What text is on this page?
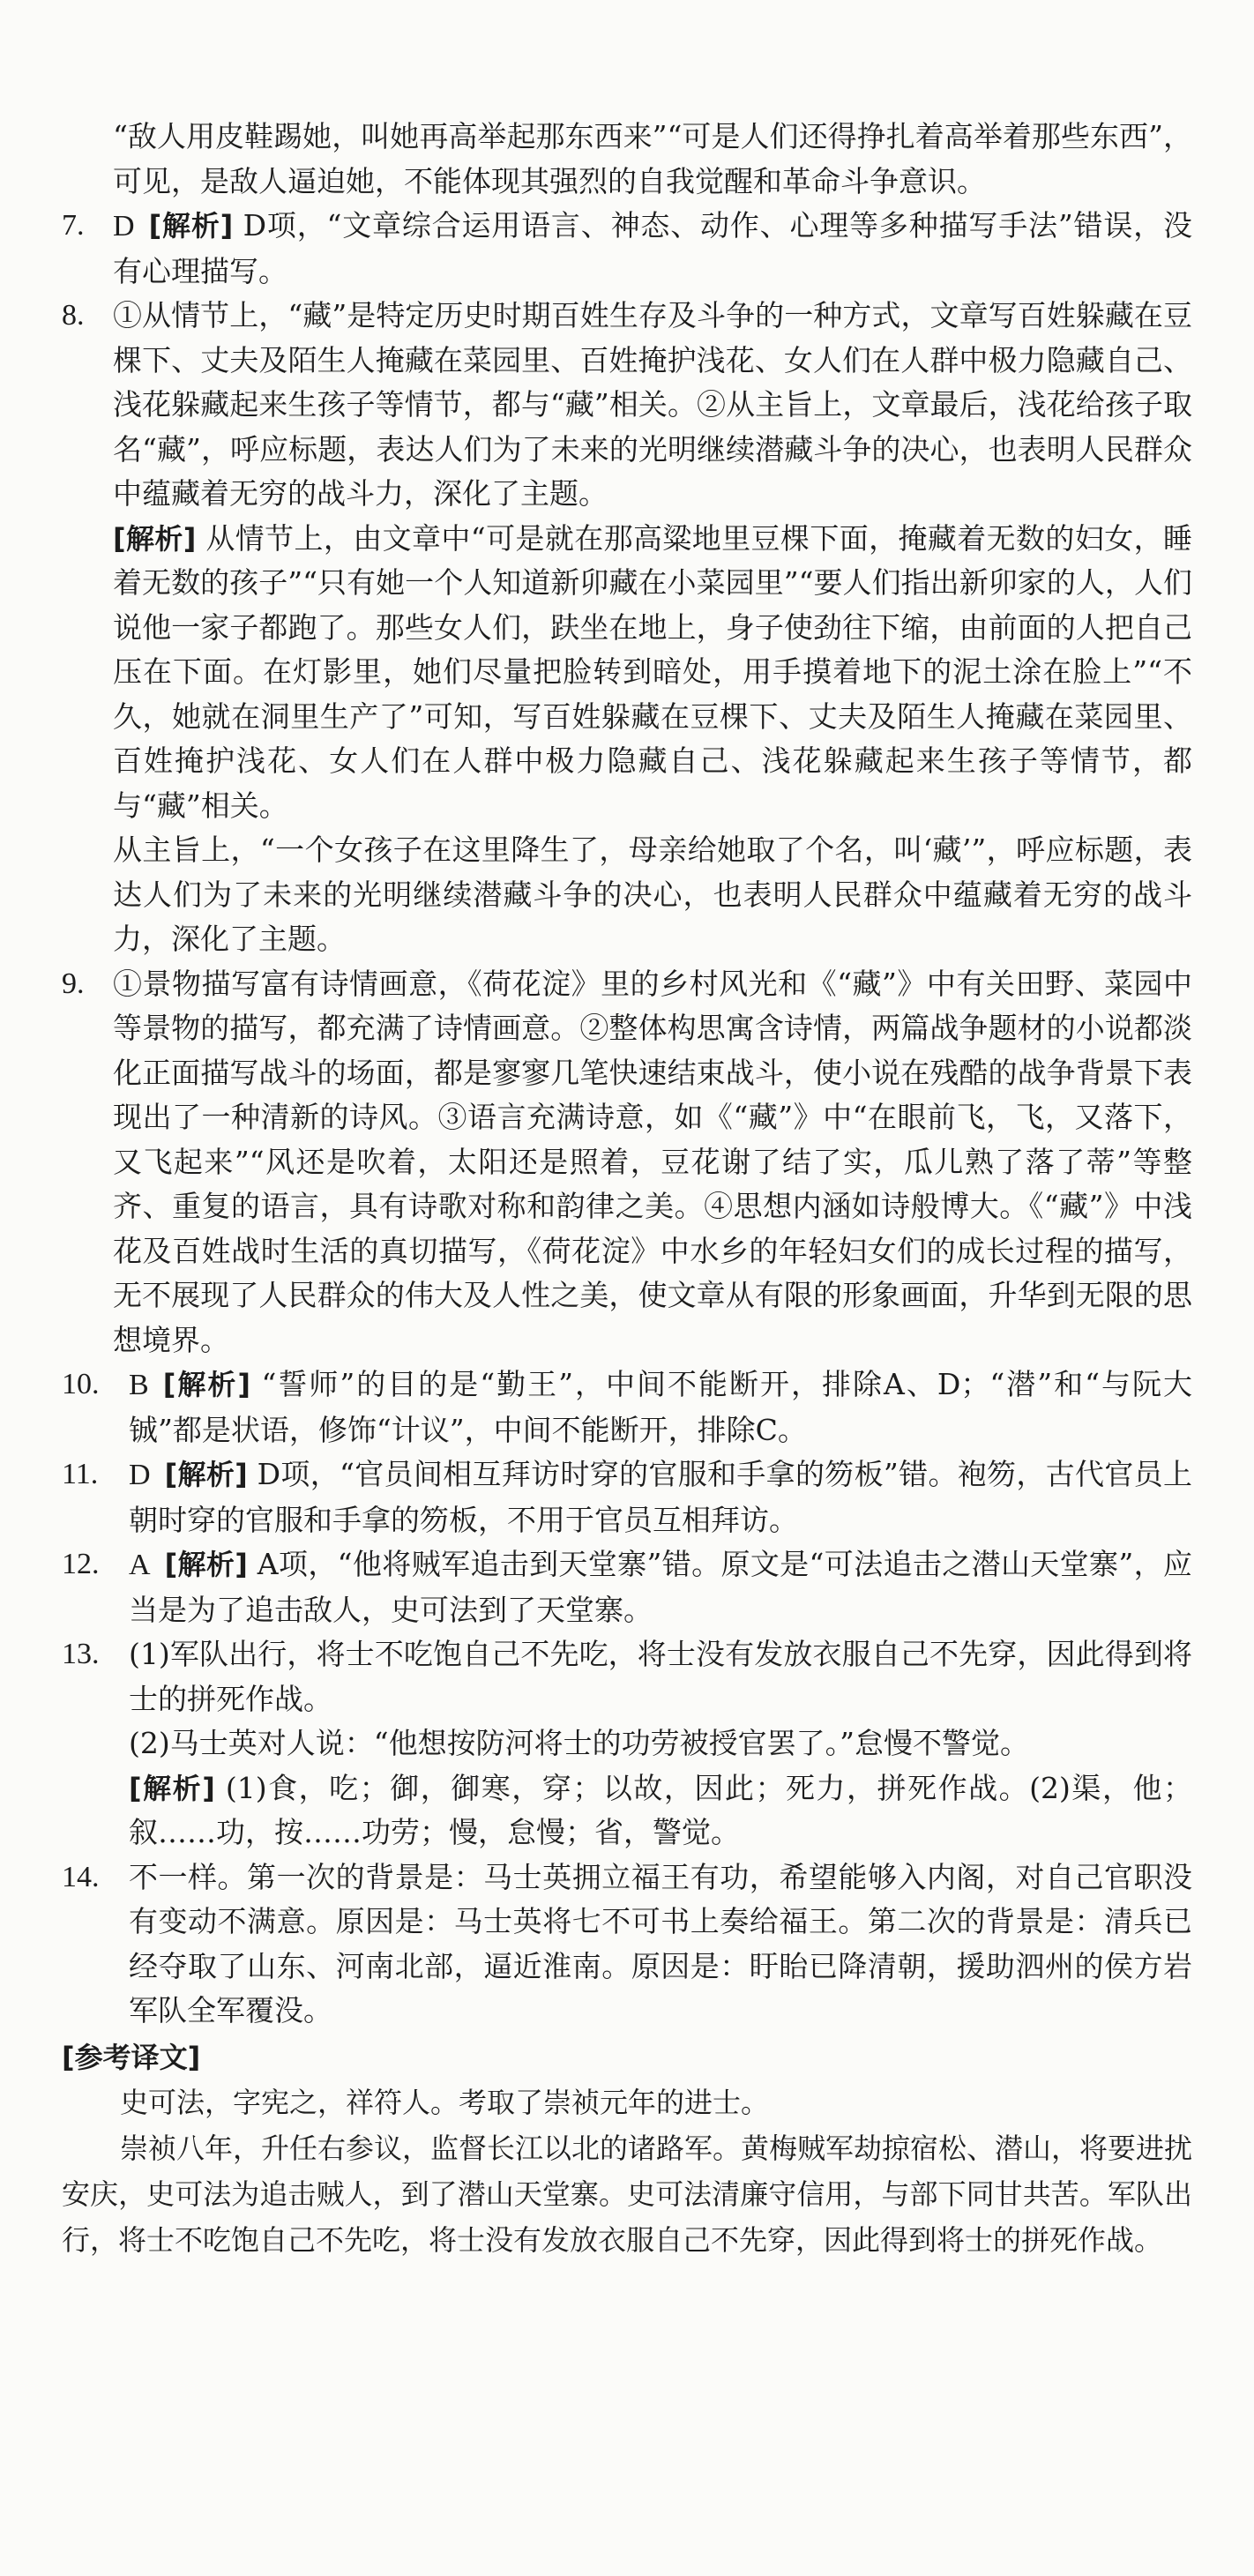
“敌人用皮鞋踢她，叫她再高举起那东西来”“可是人们还得挣扎着高举着那些东西”，可见，是敌人逼迫她，不能体现其强烈的自我觉醒和革命斗争意识。

7. D [解析] D项，“文章综合运用语言、神态、动作、心理等多种描写手法”错误，没有心理描写。

8. ①从情节上，“藏”是特定历史时期百姓生存及斗争的一种方式，文章写百姓躲藏在豆棵下、丈夫及陌生人掩藏在菜园里、百姓掩护浅花、女人们在人群中极力隐藏自己、浅花躲藏起来生孩子等情节，都与“藏”相关。②从主旨上，文章最后，浅花给孩子取名“藏”，呼应标题，表达人们为了未来的光明继续潜藏斗争的决心，也表明人民群众中蕴藏着无穷的战斗力，深化了主题。

[解析] 从情节上，由文章中“可是就在那高粱地里豆棵下面，掩藏着无数的妇女，睡着无数的孩子”“只有她一个人知道新卯藏在小菜园里”“要人们指出新卯家的人，人们说他一家子都跑了。那些女人们，趺坐在地上，身子使劲往下缩，由前面的人把自己压在下面。在灯影里，她们尽量把脸转到暗处，用手摸着地下的泥土涂在脸上”“不久，她就在洞里生产了”可知，写百姓躲藏在豆棵下、丈夫及陌生人掩藏在菜园里、百姓掩护浅花、女人们在人群中极力隐藏自己、浅花躲藏起来生孩子等情节，都与“藏”相关。

从主旨上，“一个女孩子在这里降生了，母亲给她取了个名，叫‘藏’”，呼应标题，表达人们为了未来的光明继续潜藏斗争的决心，也表明人民群众中蕴藏着无穷的战斗力，深化了主题。

9. ①景物描写富有诗情画意，《荷花淀》里的乡村风光和《“藏”》中有关田野、菜园中等景物的描写，都充满了诗情画意。②整体构思寓含诗情，两篇战争题材的小说都淡化正面描写战斗的场面，都是寥寥几笔快速结束战斗，使小说在残酷的战争背景下表现出了一种清新的诗风。③语言充满诗意，如《“藏”》中“在眼前飞，飞，又落下，又飞起来”“风还是吹着，太阳还是照着，豆花谢了结了实，瓜儿熟了落了蒂”等整齐、重复的语言，具有诗歌对称和韵律之美。④思想内涵如诗般博大。《“藏”》中浅花及百姓战时生活的真切描写，《荷花淀》中水乡的年轻妇女们的成长过程的描写，无不展现了人民群众的伟大及人性之美，使文章从有限的形象画面，升华到无限的思想境界。

10. B [解析] “誓师”的目的是“勤王”，中间不能断开，排除A、D；“潜”和“与阮大铖”都是状语，修饰“计议”，中间不能断开，排除C。

11.	D [解析] D项，“官员间相互拜访时穿的官服和手拿的笏板”错。袍笏，古代官员上朝时穿的官服和手拿的笏板，不用于官员互相拜访。

12. A [解析] A项，“他将贼军追击到天堂寨”错。原文是“可法追击之潜山天堂寨”，应当是为了追击敌人，史可法到了天堂寨。

13.	(1)军队出行，将士不吃饱自己不先吃，将士没有发放衣服自己不先穿，因此得到将士的拼死作战。

(2)马士英对人说：“他想按防河将士的功劳被授官罢了。”怠慢不警觉。

[解析] (1)食，吃；御，御寒，穿；以故，因此；死力，拼死作战。(2)渠，他；叙……功，按……功劳；慢，怠慢；省，警觉。

14.	不一样。第一次的背景是：马士英拥立福王有功，希望能够入内阁，对自己官职没有变动不满意。原因是：马士英将七不可书上奏给福王。第二次的背景是：清兵已经夺取了山东、河南北部，逼近淮南。原因是：盱眙已降清朝，援助泗州的侯方岩军队全军覆没。

[参考译文]

史可法，字宪之，祥符人。考取了崇祯元年的进士。

崇祯八年，升任右参议，监督长江以北的诸路军。黄梅贼军劫掠宿松、潜山，将要进扰安庆，史可法为追击贼人，到了潜山天堂寨。史可法清廉守信用，与部下同甘共苦。军队出行，将士不吃饱自己不先吃，将士没有发放衣服自己不先穿，因此得到将士的拼死作战。
